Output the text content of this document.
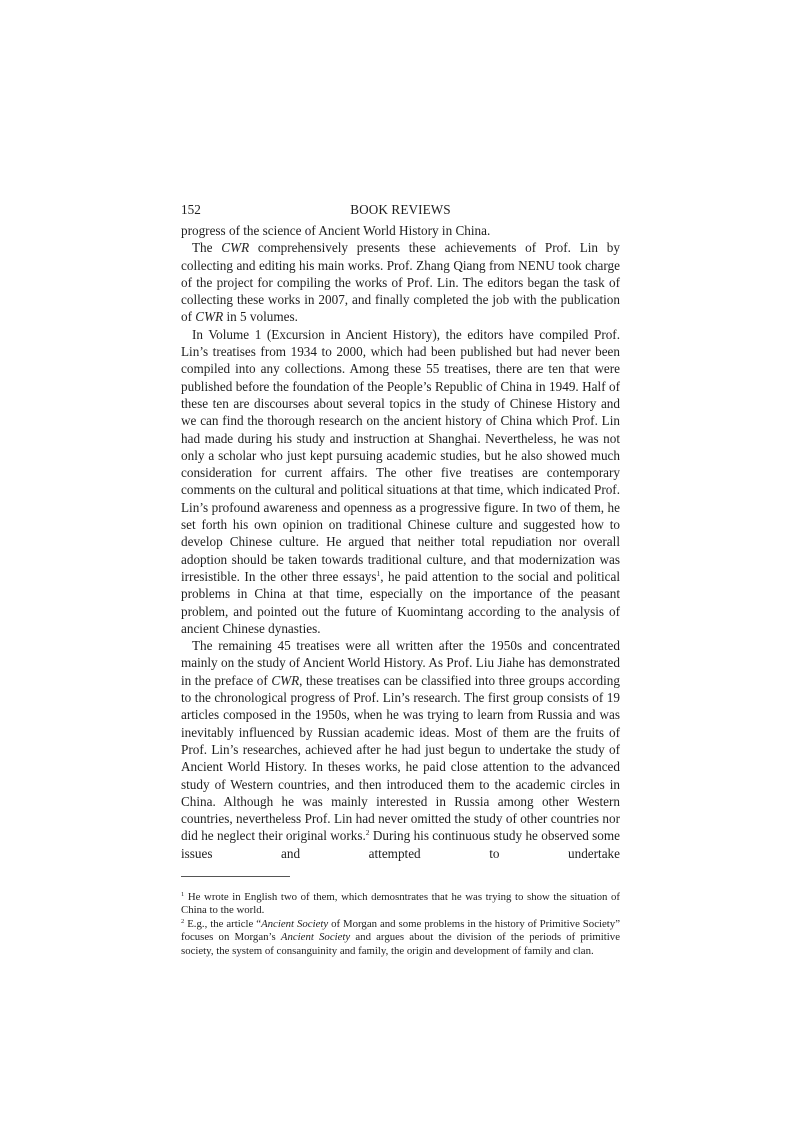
152	BOOK REVIEWS

progress of the science of Ancient World History in China.

The CWR comprehensively presents these achievements of Prof. Lin by collecting and editing his main works. Prof. Zhang Qiang from NENU took charge of the project for compiling the works of Prof. Lin. The editors began the task of collecting these works in 2007, and finally completed the job with the publication of CWR in 5 volumes.

In Volume 1 (Excursion in Ancient History), the editors have compiled Prof. Lin’s treatises from 1934 to 2000, which had been published but had never been compiled into any collections. Among these 55 treatises, there are ten that were published before the foundation of the People’s Republic of China in 1949. Half of these ten are discourses about several topics in the study of Chinese History and we can find the thorough research on the ancient history of China which Prof. Lin had made during his study and instruction at Shanghai. Nevertheless, he was not only a scholar who just kept pursuing academic studies, but he also showed much consideration for current affairs. The other five treatises are contemporary comments on the cultural and political situations at that time, which indicated Prof. Lin’s profound awareness and openness as a progressive figure. In two of them, he set forth his own opinion on traditional Chinese culture and suggested how to develop Chinese culture. He argued that neither total repudiation nor overall adoption should be taken towards traditional culture, and that modernization was irresistible. In the other three essays$^1$, he paid attention to the social and political problems in China at that time, especially on the importance of the peasant problem, and pointed out the future of Kuomintang according to the analysis of ancient Chinese dynasties.

The remaining 45 treatises were all written after the 1950s and concentrated mainly on the study of Ancient World History. As Prof. Liu Jiahe has demonstrated in the preface of CWR, these treatises can be classified into three groups according to the chronological progress of Prof. Lin’s research. The first group consists of 19 articles composed in the 1950s, when he was trying to learn from Russia and was inevitably influenced by Russian academic ideas. Most of them are the fruits of Prof. Lin’s researches, achieved after he had just begun to undertake the study of Ancient World History. In theses works, he paid close attention to the advanced study of Western countries, and then introduced them to the academic circles in China. Although he was mainly interested in Russia among other Western countries, nevertheless Prof. Lin had never omitted the study of other countries nor did he neglect their original works.$^2$ During his continuous study he observed some issues and attempted to undertake

$^1$ He wrote in English two of them, which demosntrates that he was trying to show the situation of China to the world.

$^2$ E.g., the article “Ancient Society of Morgan and some problems in the history of Primitive Society” focuses on Morgan’s Ancient Society and argues about the division of the periods of primitive society, the system of consanguinity and family, the origin and development of family and clan.
